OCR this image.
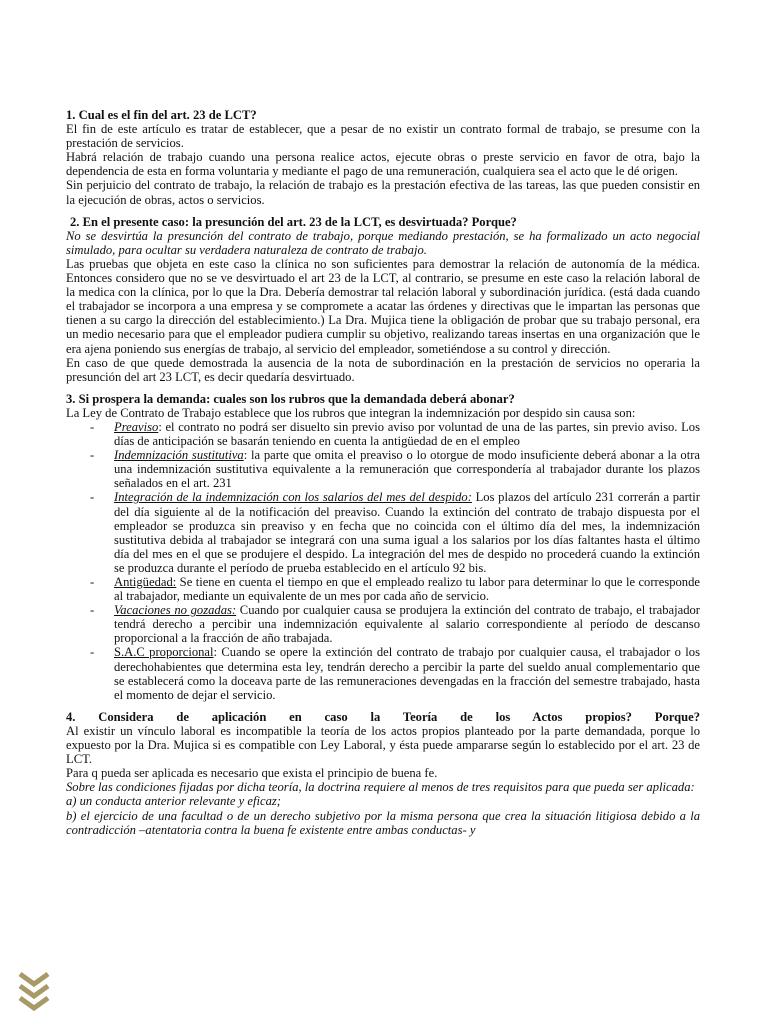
1. Cual es el fin del art. 23 de LCT?

El fin de este artículo es tratar de establecer, que a pesar de no existir un contrato formal de trabajo, se presume con la prestación de servicios.

Habrá relación de trabajo cuando una persona realice actos, ejecute obras o preste servicio en favor de otra, bajo la dependencia de esta en forma voluntaria y mediante el pago de una remuneración, cualquiera sea el acto que le dé origen.

Sin perjuicio del contrato de trabajo, la relación de trabajo es la prestación efectiva de las tareas, las que pueden consistir en la ejecución de obras, actos o servicios.

2. En el presente caso: la presunción del art. 23 de la LCT, es desvirtuada? Porque?

No se desvirtúa la presunción del contrato de trabajo, porque mediando prestación, se ha formalizado un acto negocial simulado, para ocultar su verdadera naturaleza de contrato de trabajo.

Las pruebas que objeta en este caso la clínica no son suficientes para demostrar la relación de autonomía de la médica. Entonces considero que no se ve desvirtuado el art 23 de la LCT, al contrario, se presume en este caso la relación laboral de la medica con la clínica, por lo que la Dra. Debería demostrar tal relación laboral y subordinación jurídica. (está dada cuando el trabajador se incorpora a una empresa y se compromete a acatar las órdenes y directivas que le impartan las personas que tienen a su cargo la dirección del establecimiento.) La Dra. Mujica tiene la obligación de probar que su trabajo personal, era un medio necesario para que el empleador pudiera cumplir su objetivo, realizando tareas insertas en una organización que le era ajena poniendo sus energías de trabajo, al servicio del empleador, sometiéndose a su control y dirección.

En caso de que quede demostrada la ausencia de la nota de subordinación en la prestación de servicios no operaria la presunción del art 23 LCT, es decir quedaría desvirtuado.

3. Si prospera la demanda: cuales son los rubros que la demandada deberá abonar?

La Ley de Contrato de Trabajo establece que los rubros que integran la indemnización por despido sin causa son:

- Preaviso: el contrato no podrá ser disuelto sin previo aviso por voluntad de una de las partes, sin previo aviso. Los días de anticipación se basarán teniendo en cuenta la antigüedad de en el empleo
- Indemnización sustitutiva: la parte que omita el preaviso o lo otorgue de modo insuficiente deberá abonar a la otra una indemnización sustitutiva equivalente a la remuneración que correspondería al trabajador durante los plazos señalados en el art. 231
- Integración de la indemnización con los salarios del mes del despido: Los plazos del artículo 231 correrán a partir del día siguiente al de la notificación del preaviso. Cuando la extinción del contrato de trabajo dispuesta por el empleador se produzca sin preaviso y en fecha que no coincida con el último día del mes, la indemnización sustitutiva debida al trabajador se integrará con una suma igual a los salarios por los días faltantes hasta el último día del mes en el que se produjere el despido. La integración del mes de despido no procederá cuando la extinción se produzca durante el período de prueba establecido en el artículo 92 bis.
- Antigüedad: Se tiene en cuenta el tiempo en que el empleado realizo tu labor para determinar lo que le corresponde al trabajador, mediante un equivalente de un mes por cada año de servicio.
- Vacaciones no gozadas: Cuando por cualquier causa se produjera la extinción del contrato de trabajo, el trabajador tendrá derecho a percibir una indemnización equivalente al salario correspondiente al período de descanso proporcional a la fracción de año trabajada.
- S.A.C proporcional: Cuando se opere la extinción del contrato de trabajo por cualquier causa, el trabajador o los derechohabientes que determina esta ley, tendrán derecho a percibir la parte del sueldo anual complementario que se establecerá como la doceava parte de las remuneraciones devengadas en la fracción del semestre trabajado, hasta el momento de dejar el servicio.

4. Considera de aplicación en caso la Teoría de los Actos propios? Porque?

Al existir un vínculo laboral es incompatible la teoría de los actos propios planteado por la parte demandada, porque lo expuesto por la Dra. Mujica si es compatible con Ley Laboral, y ésta puede ampararse según lo establecido por el art. 23 de LCT.

Para q pueda ser aplicada es necesario que exista el principio de buena fe.

Sobre las condiciones fijadas por dicha teoría, la doctrina requiere al menos de tres requisitos para que pueda ser aplicada:

a) un conducta anterior relevante y eficaz;

b) el ejercicio de una facultad o de un derecho subjetivo por la misma persona que crea la situación litigiosa debido a la contradicción –atentatoria contra la buena fe existente entre ambas conductas- y
